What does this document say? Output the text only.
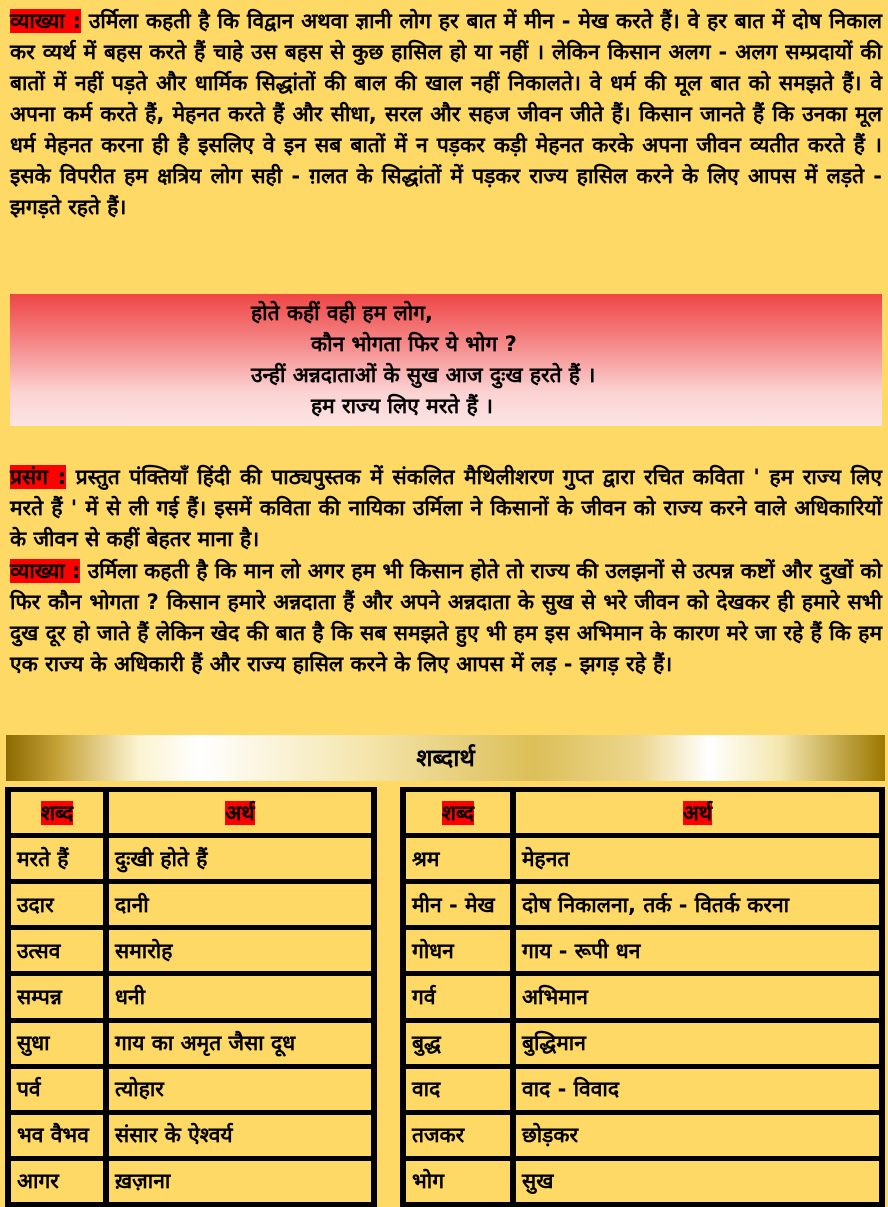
व्याख्या : उर्मिला कहती है कि विद्वान अथवा ज्ञानी लोग हर बात में मीन - मेख करते हैं। वे हर बात में दोष निकाल कर व्यर्थ में बहस करते हैं चाहे उस बहस से कुछ हासिल हो या नहीं । लेकिन किसान अलग - अलग सम्प्रदायों की बातों में नहीं पड़ते और धार्मिक सिद्धांतों की बाल की खाल नहीं निकालते। वे धर्म की मूल बात को समझते हैं। वे अपना कर्म करते हैं, मेहनत करते हैं और सीधा, सरल और सहज जीवन जीते हैं। किसान जानते हैं कि उनका मूल धर्म मेहनत करना ही है इसलिए वे इन सब बातों में न पड़कर कड़ी मेहनत करके अपना जीवन व्यतीत करते हैं । इसके विपरीत हम क्षत्रिय लोग सही - ग़लत के सिद्धांतों में पड़कर राज्य हासिल करने के लिए आपस में लड़ते - झगड़ते रहते हैं।

होते कहीं वही हम लोग,
कौन भोगता फिर ये भोग ?
उन्हीं अन्नदाताओं के सुख आज दुःख हरते हैं ।
हम राज्य लिए मरते हैं ।

प्रसंग : प्रस्तुत पंक्तियाँ हिंदी की पाठ्यपुस्तक में संकलित मैथिलीशरण गुप्त द्वारा रचित कविता ' हम राज्य लिए मरते हैं ' में से ली गई हैं। इसमें कविता की नायिका उर्मिला ने किसानों के जीवन को राज्य करने वाले अधिकारियों के जीवन से कहीं बेहतर माना है।

व्याख्या : उर्मिला कहती है कि मान लो अगर हम भी किसान होते तो राज्य की उलझनों से उत्पन्न कष्टों और दुखों को फिर कौन भोगता ? किसान हमारे अन्नदाता हैं और अपने अन्नदाता के सुख से भरे जीवन को देखकर ही हमारे सभी दुख दूर हो जाते हैं लेकिन खेद की बात है कि सब समझते हुए भी हम इस अभिमान के कारण मरे जा रहे हैं कि हम एक राज्य के अधिकारी हैं और राज्य हासिल करने के लिए आपस में लड़ - झगड़ रहे हैं।

शब्दार्थ
शब्द	अर्थ
मरते हैं	दुःखी होते हैं
उदार	दानी
उत्सव	समारोह
सम्पन्न	धनी
सुधा	गाय का अमृत जैसा दूध
पर्व	त्योहार
भव वैभव	संसार के ऐश्वर्य
आगर	ख़ज़ाना
शब्द	अर्थ
श्रम	मेहनत
मीन - मेख	दोष निकालना, तर्क - वितर्क करना
गोधन	गाय - रूपी धन
गर्व	अभिमान
बुद्ध	बुद्धिमान
वाद	वाद - विवाद
तजकर	छोड़कर
भोग	सुख
